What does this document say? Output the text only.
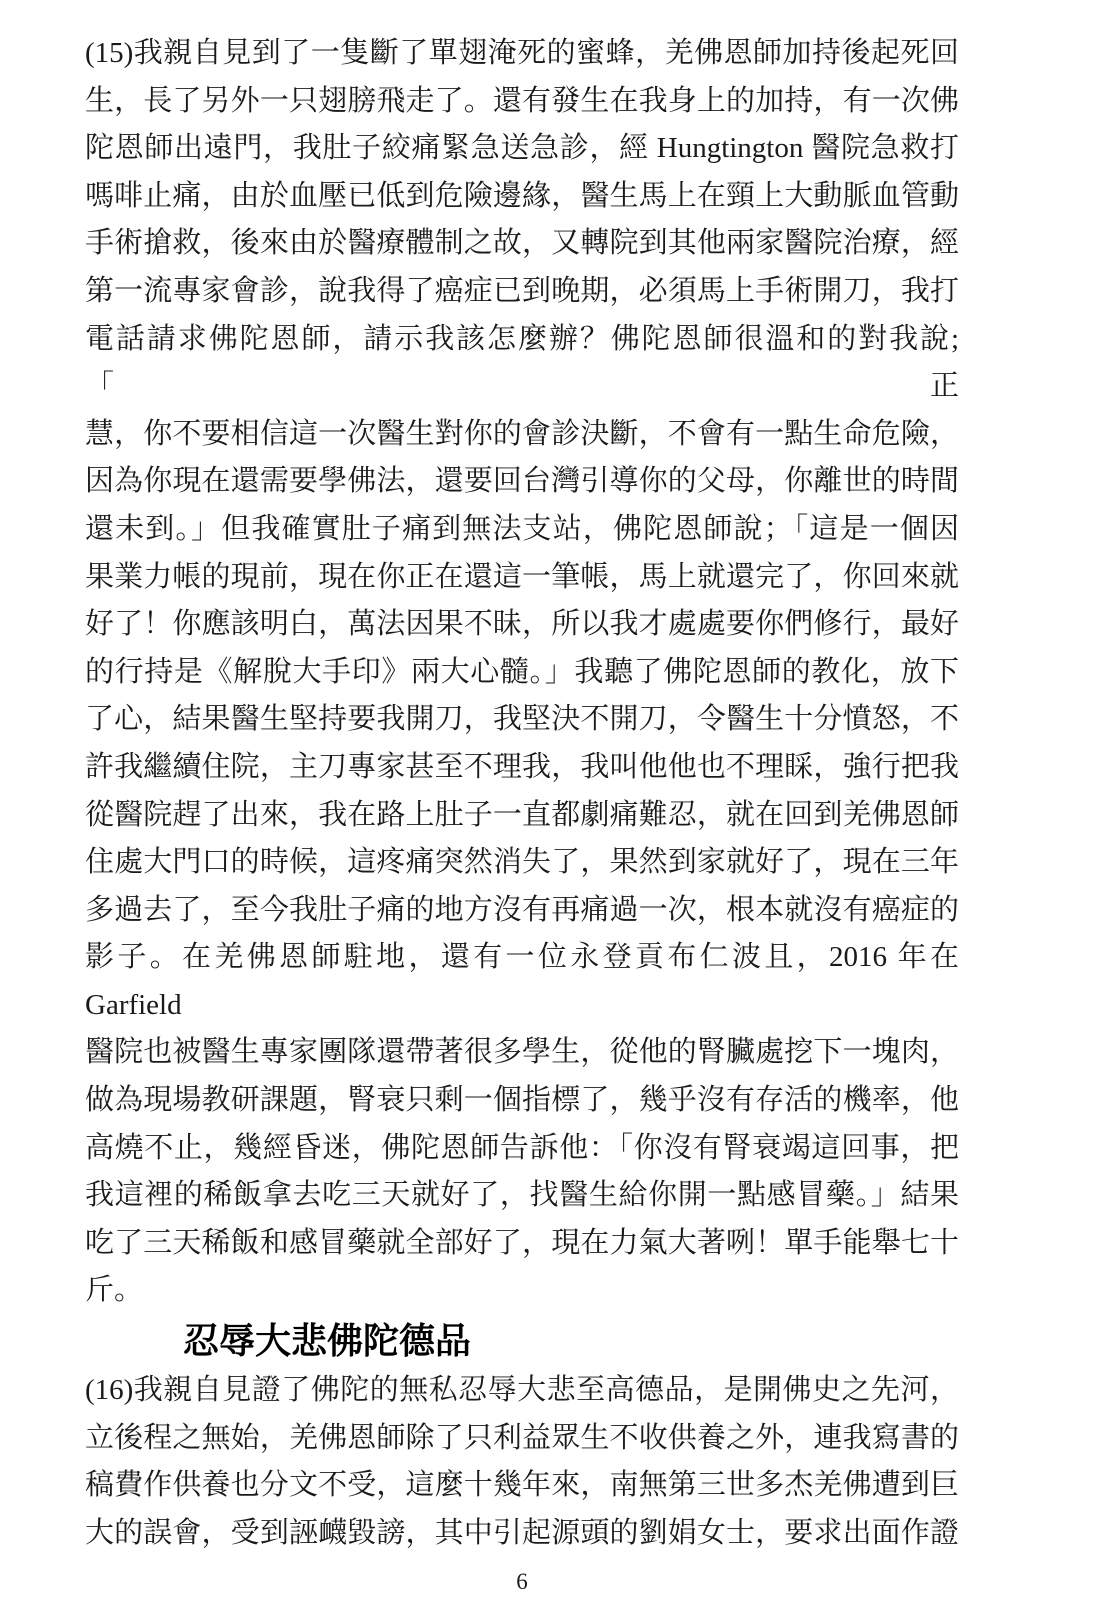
(15)我親自見到了一隻斷了單翅淹死的蜜蜂，羌佛恩師加持後起死回
生，長了另外一只翅膀飛走了。還有發生在我身上的加持，有一次佛
陀恩師出遠門，我肚子絞痛緊急送急診，經 Hungtington 醫院急救打
嗎啡止痛，由於血壓已低到危險邊緣，醫生馬上在頸上大動脈血管動
手術搶救，後來由於醫療體制之故，又轉院到其他兩家醫院治療，經
第一流專家會診，說我得了癌症已到晚期，必須馬上手術開刀，我打
電話請求佛陀恩師，請示我該怎麼辦？佛陀恩師很溫和的對我說;「正
慧，你不要相信這一次醫生對你的會診決斷，不會有一點生命危險，
因為你現在還需要學佛法，還要回台灣引導你的父母，你離世的時間
還未到。」但我確實肚子痛到無法支站，佛陀恩師說；「這是一個因
果業力帳的現前，現在你正在還這一筆帳，馬上就還完了，你回來就
好了！你應該明白，萬法因果不昧，所以我才處處要你們修行，最好
的行持是《解脫大手印》兩大心髓。」我聽了佛陀恩師的教化，放下
了心，結果醫生堅持要我開刀，我堅決不開刀，令醫生十分憤怒，不
許我繼續住院，主刀專家甚至不理我，我叫他他也不理睬，強行把我
從醫院趕了出來，我在路上肚子一直都劇痛難忍，就在回到羌佛恩師
住處大門口的時候，這疼痛突然消失了，果然到家就好了，現在三年
多過去了，至今我肚子痛的地方沒有再痛過一次，根本就沒有癌症的
影子。在羌佛恩師駐地，還有一位永登貢布仁波且，2016 年在 Garfield
醫院也被醫生專家團隊還帶著很多學生，從他的腎臟處挖下一塊肉，
做為現場教研課題，腎衰只剩一個指標了，幾乎沒有存活的機率，他
高燒不止，幾經昏迷，佛陀恩師告訴他：「你沒有腎衰竭這回事，把
我這裡的稀飯拿去吃三天就好了，找醫生給你開一點感冒藥。」結果
吃了三天稀飯和感冒藥就全部好了，現在力氣大著咧！單手能舉七十
斤。
忍辱大悲佛陀德品
(16)我親自見證了佛陀的無私忍辱大悲至高德品，是開佛史之先河，
立後程之無始，羌佛恩師除了只利益眾生不收供養之外，連我寫書的
稿費作供養也分文不受，這麼十幾年來，南無第三世多杰羌佛遭到巨
大的誤會，受到誣衊毀謗，其中引起源頭的劉娟女士，要求出面作證
6
